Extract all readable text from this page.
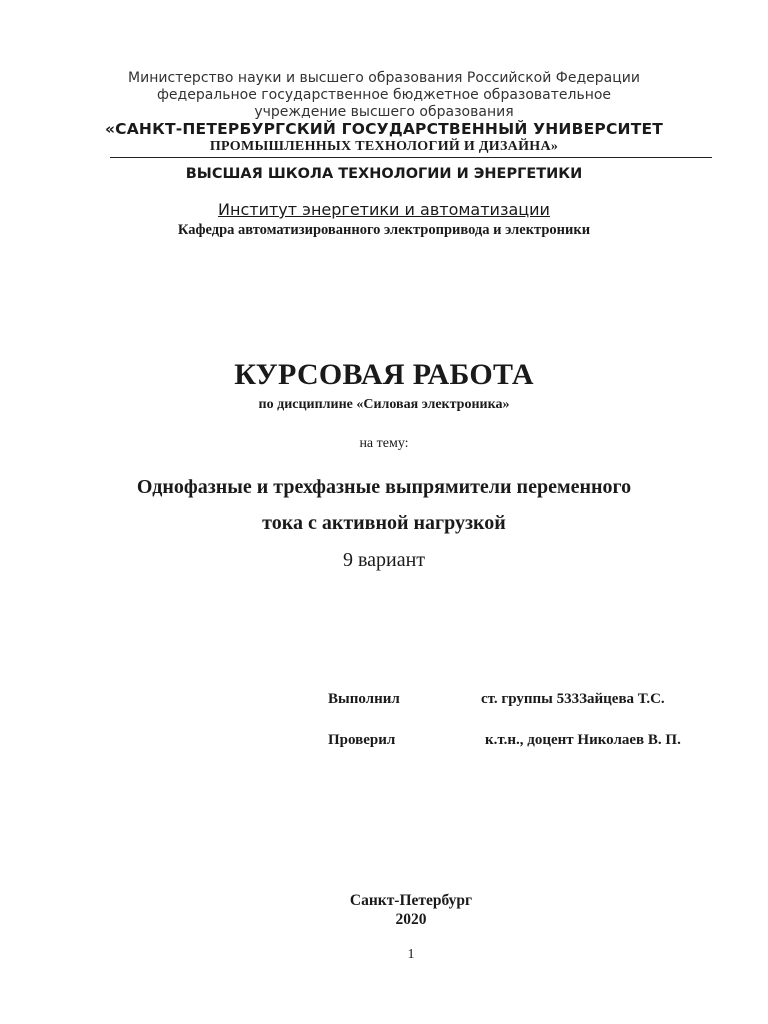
Министерство науки и высшего образования Российской Федерации
федеральное государственное бюджетное образовательное
учреждение высшего образования
«САНКТ-ПЕТЕРБУРГСКИЙ ГОСУДАРСТВЕННЫЙ УНИВЕРСИТЕТ
ПРОМЫШЛЕННЫХ ТЕХНОЛОГИЙ И ДИЗАЙНА»
ВЫСШАЯ ШКОЛА ТЕХНОЛОГИИ И ЭНЕРГЕТИКИ
Институт энергетики и автоматизации
Кафедра автоматизированного электропривода и электроники
КУРСОВАЯ РАБОТА
по дисциплине «Силовая электроника»
на тему:
Однофазные и трехфазные выпрямители переменного
тока с активной нагрузкой
9 вариант
Выполнил	ст. группы 533Зайцева Т.С.
Проверил	к.т.н., доцент Николаев В. П.
Санкт-Петербург
2020
1
